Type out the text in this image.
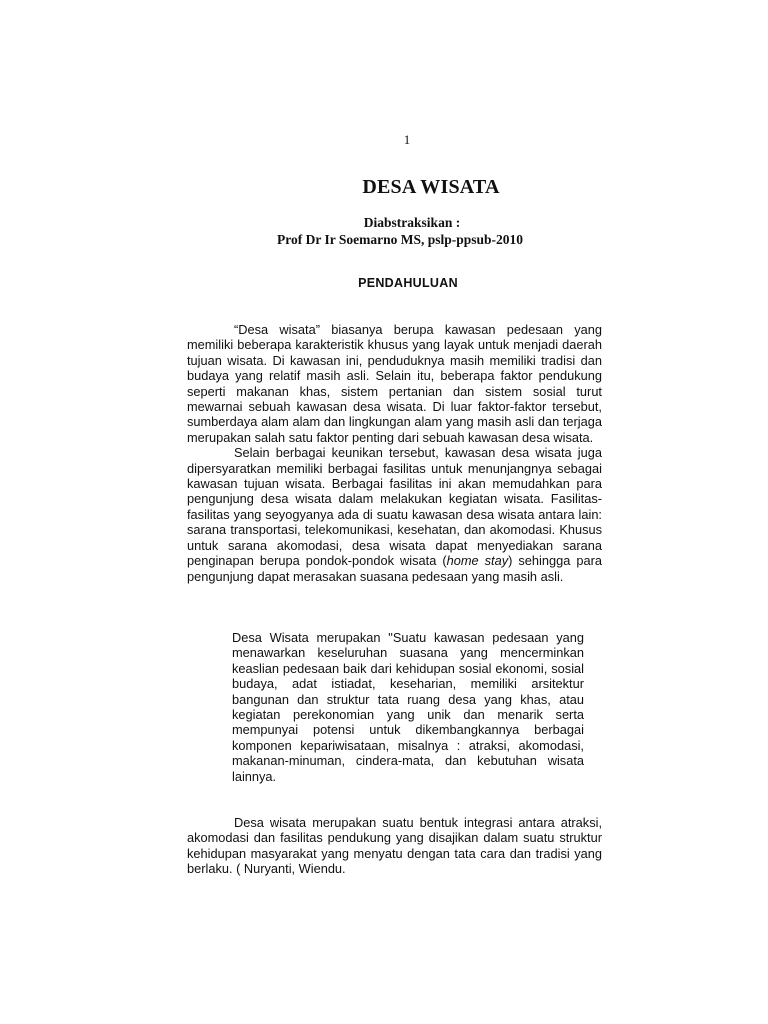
1
DESA WISATA
Diabstraksikan :
Prof Dr Ir Soemarno MS, pslp-ppsub-2010
PENDAHULUAN

“Desa wisata” biasanya berupa kawasan pedesaan yang memiliki beberapa karakteristik khusus yang layak untuk menjadi daerah tujuan wisata. Di kawasan ini, penduduknya masih memiliki tradisi dan budaya yang relatif masih asli. Selain itu, beberapa faktor pendukung seperti makanan khas, sistem pertanian dan sistem sosial turut mewarnai sebuah kawasan desa wisata. Di luar faktor-faktor tersebut, sumberdaya alam alam dan lingkungan alam yang masih asli dan terjaga merupakan salah satu faktor penting dari sebuah kawasan desa wisata.

Selain berbagai keunikan tersebut, kawasan desa wisata juga dipersyaratkan memiliki berbagai fasilitas untuk menunjangnya sebagai kawasan tujuan wisata. Berbagai fasilitas ini akan memudahkan para pengunjung desa wisata dalam melakukan kegiatan wisata. Fasilitas-fasilitas yang seyogyanya ada di suatu kawasan desa wisata antara lain: sarana transportasi, telekomunikasi, kesehatan, dan akomodasi. Khusus untuk sarana akomodasi, desa wisata dapat menyediakan sarana penginapan berupa pondok-pondok wisata (home stay) sehingga para pengunjung dapat merasakan suasana pedesaan yang masih asli.

Desa Wisata merupakan "Suatu kawasan pedesaan yang menawarkan keseluruhan suasana yang mencerminkan keaslian pedesaan baik dari kehidupan sosial ekonomi, sosial budaya, adat istiadat, keseharian, memiliki arsitektur bangunan dan struktur tata ruang desa yang khas, atau kegiatan perekonomian yang unik dan menarik serta mempunyai potensi untuk dikembangkannya berbagai komponen kepariwisataan, misalnya : atraksi, akomodasi, makanan-minuman, cindera-mata, dan kebutuhan wisata lainnya.

Desa wisata merupakan suatu bentuk integrasi antara atraksi, akomodasi dan fasilitas pendukung yang disajikan dalam suatu struktur kehidupan masyarakat yang menyatu dengan tata cara dan tradisi yang berlaku. ( Nuryanti, Wiendu.
